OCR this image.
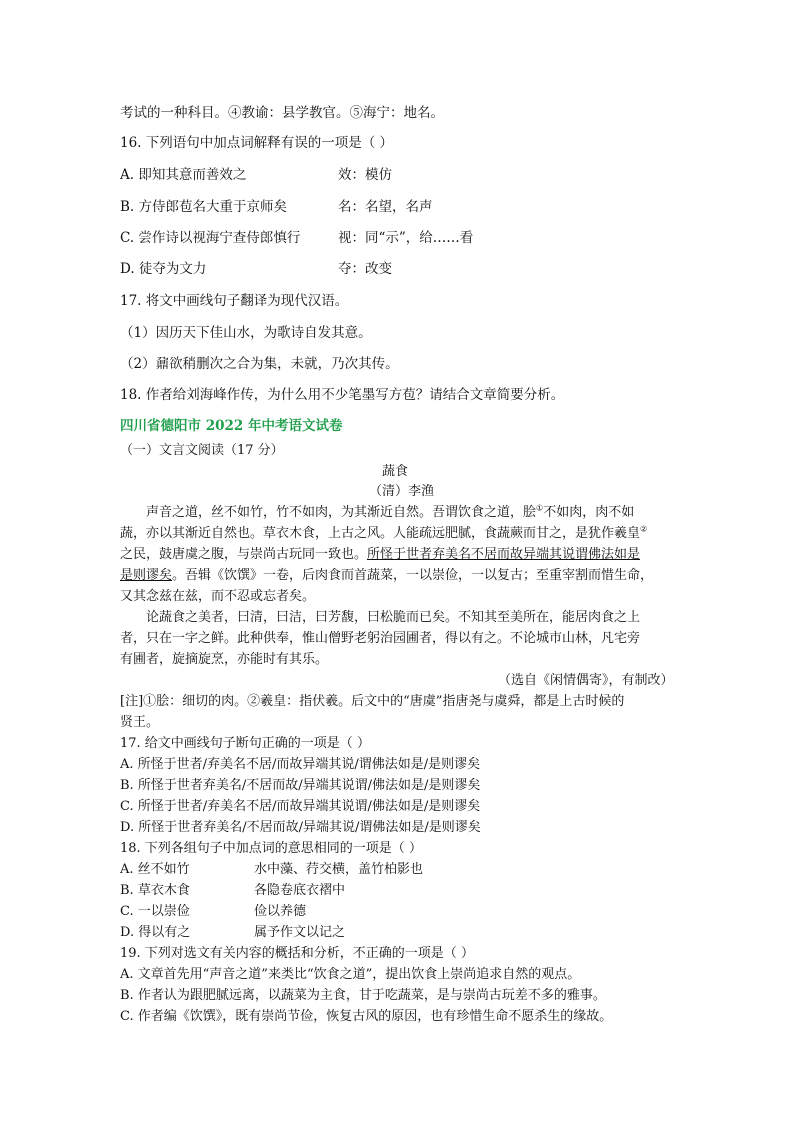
考试的一种科目。④教谕：县学教官。⑤海宁：地名。
16. 下列语句中加点词解释有误的一项是（ ）
A. 即知其意而善效之	效：模仿
B. 方侍郎苞名大重于京师矣	名：名望，名声
C. 尝作诗以视海宁查侍郎慎行	视：同“示”，给……看
D. 徒夺为文力	夺：改变
17. 将文中画线句子翻译为现代汉语。
（1）因历天下佳山水，为歌诗自发其意。
（2）鼐欲稍删次之合为集，未就，乃次其传。
18. 作者给刘海峰作传，为什么用不少笔墨写方苞？请结合文章简要分析。
四川省德阳市 2022 年中考语文试卷
（一）文言文阅读（17 分）
蔬食
（清）李渔
声音之道，丝不如竹，竹不如肉，为其渐近自然。吾谓饮食之道，脍①不如肉，肉不如
蔬，亦以其渐近自然也。草衣木食，上古之风。人能疏远肥腻，食蔬蕨而甘之，是犹作羲皇②
之民，鼓唐虞之腹，与崇尚古玩同一致也。所怪于世者弃美名不居而故异端其说谓佛法如是
是则谬矣。吾辑《饮馔》一卷，后肉食而首蔬菜，一以崇俭，一以复古；至重宰割而惜生命，
又其念兹在兹，而不忍或忘者矣。
论蔬食之美者，曰清，曰洁，曰芳馥，曰松脆而已矣。不知其至美所在，能居肉食之上
者，只在一字之鲜。此种供奉，惟山僧野老躬治园圃者，得以有之。不论城市山林，凡宅旁
有圃者，旋摘旋烹，亦能时有其乐。
（选自《闲情偶寄》，有制改）
[注]①脍：细切的肉。②羲皇：指伏羲。后文中的“唐虞”指唐尧与虞舜，都是上古时候的
贤王。
17. 给文中画线句子断句正确的一项是（ ）
A. 所怪于世者/弃美名不居/而故异端其说/谓佛法如是/是则谬矣
B. 所怪于世者弃美名/不居而故/异端其说谓/佛法如是/是则谬矣
C. 所怪于世者/弃美名不居/而故异端其说谓/佛法如是/是则谬矣
D. 所怪于世者弃美名/不居而故/异端其说/谓佛法如是/是则谬矣
18. 下列各组句子中加点词的意思相同的一项是（ ）
A. 丝不如竹	水中藻、荇交横，盖竹柏影也
B. 草衣木食	各隐卷底衣褶中
C. 一以崇俭	俭以养德
D. 得以有之	属予作文以记之
19. 下列对选文有关内容的概括和分析，不正确的一项是（ ）
A. 文章首先用“声音之道”来类比“饮食之道”，提出饮食上崇尚追求自然的观点。
B. 作者认为跟肥腻远离，以蔬菜为主食，甘于吃蔬菜，是与崇尚古玩差不多的雅事。
C. 作者编《饮馔》，既有崇尚节俭，恢复古风的原因，也有珍惜生命不愿杀生的缘故。
